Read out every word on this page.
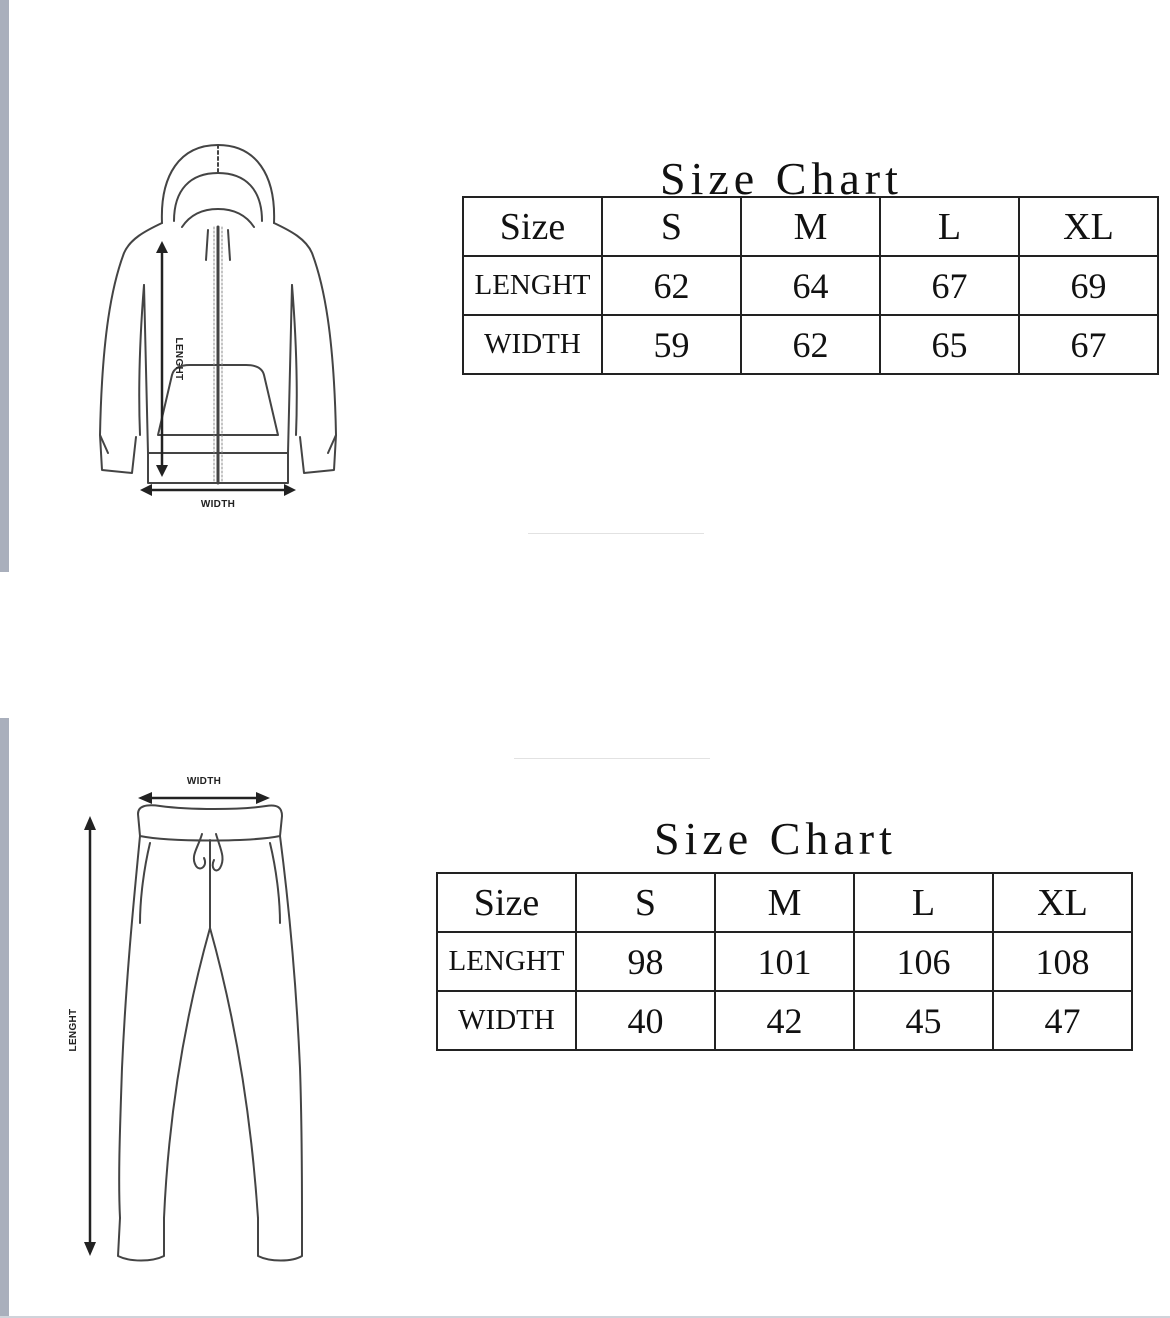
LENGHT
WIDTH
Size Chart
Size	S	M	L	XL
LENGHT	62	64	67	69
WIDTH	59	62	65	67
WIDTH
LENGHT
Size Chart
Size	S	M	L	XL
LENGHT	98	101	106	108
WIDTH	40	42	45	47
